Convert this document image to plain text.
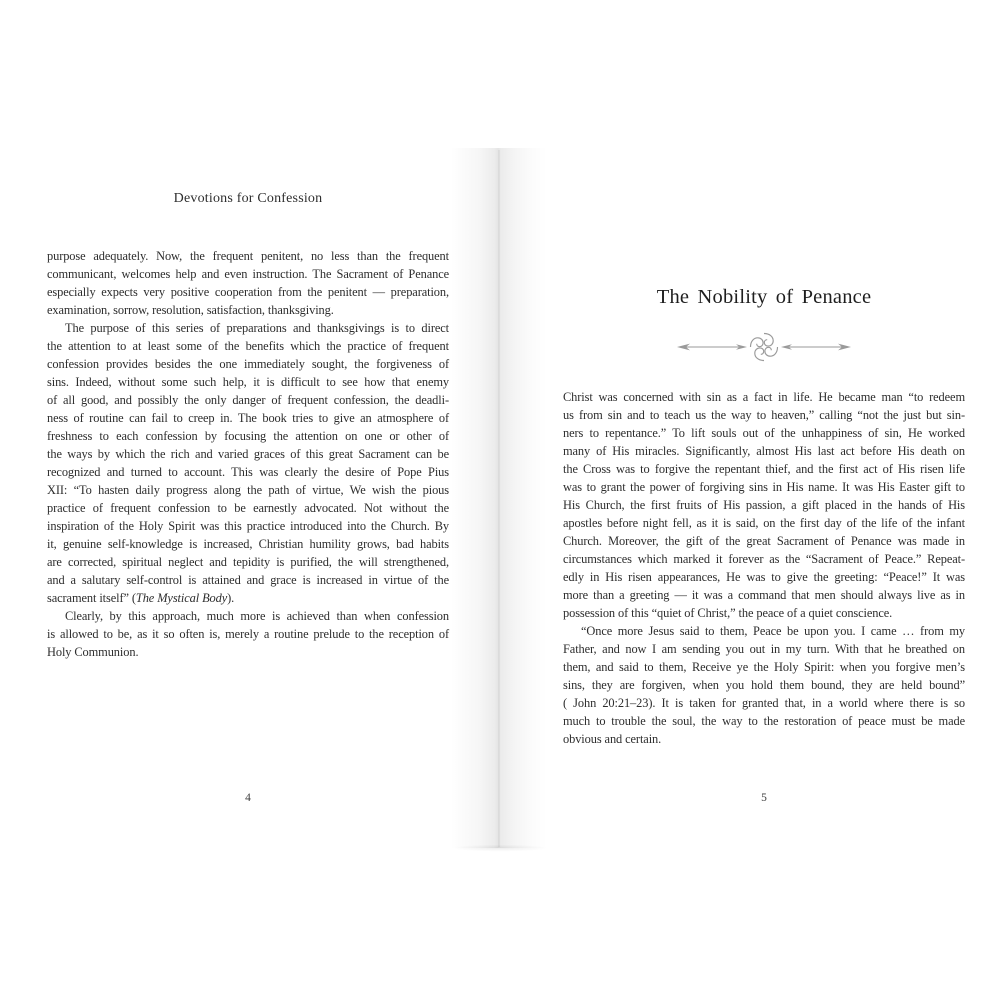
Devotions for Confession
purpose adequately. Now, the frequent penitent, no less than the frequent
communicant, welcomes help and even instruction. The Sacrament of Penance
especially expects very positive cooperation from the penitent — preparation,
examination, sorrow, resolution, satisfaction, thanksgiving.
The purpose of this series of preparations and thanksgivings is to direct
the attention to at least some of the benefits which the practice of frequent
confession provides besides the one immediately sought, the forgiveness of
sins. Indeed, without some such help, it is difficult to see how that enemy
of all good, and possibly the only danger of frequent confession, the deadli-
ness of routine can fail to creep in. The book tries to give an atmosphere of
freshness to each confession by focusing the attention on one or other of
the ways by which the rich and varied graces of this great Sacrament can be
recognized and turned to account. This was clearly the desire of Pope Pius
XII: “To hasten daily progress along the path of virtue, We wish the pious
practice of frequent confession to be earnestly advocated. Not without the
inspiration of the Holy Spirit was this practice introduced into the Church. By
it, genuine self-knowledge is increased, Christian humility grows, bad habits
are corrected, spiritual neglect and tepidity is purified, the will strengthened,
and a salutary self-control is attained and grace is increased in virtue of the
sacrament itself” (The Mystical Body).
Clearly, by this approach, much more is achieved than when confession
is allowed to be, as it so often is, merely a routine prelude to the reception of
Holy Communion.
4
The Nobility of Penance
Christ was concerned with sin as a fact in life. He became man “to redeem
us from sin and to teach us the way to heaven,” calling “not the just but sin-
ners to repentance.” To lift souls out of the unhappiness of sin, He worked
many of His miracles. Significantly, almost His last act before His death on
the Cross was to forgive the repentant thief, and the first act of His risen life
was to grant the power of forgiving sins in His name. It was His Easter gift to
His Church, the first fruits of His passion, a gift placed in the hands of His
apostles before night fell, as it is said, on the first day of the life of the infant
Church. Moreover, the gift of the great Sacrament of Penance was made in
circumstances which marked it forever as the “Sacrament of Peace.” Repeat-
edly in His risen appearances, He was to give the greeting: “Peace!” It was
more than a greeting — it was a command that men should always live as in
possession of this “quiet of Christ,” the peace of a quiet conscience.
“Once more Jesus said to them, Peace be upon you. I came … from my
Father, and now I am sending you out in my turn. With that he breathed on
them, and said to them, Receive ye the Holy Spirit: when you forgive men’s
sins, they are forgiven, when you hold them bound, they are held bound”
( John 20:21–23). It is taken for granted that, in a world where there is so
much to trouble the soul, the way to the restoration of peace must be made
obvious and certain.
5
